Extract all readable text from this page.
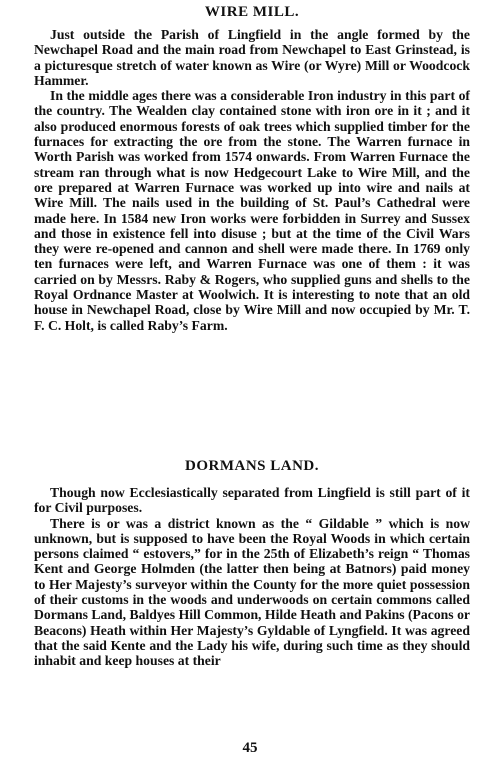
WIRE MILL.

Just outside the Parish of Lingfield in the angle formed by the Newchapel Road and the main road from Newchapel to East Grinstead, is a picturesque stretch of water known as Wire (or Wyre) Mill or Woodcock Hammer.

In the middle ages there was a considerable Iron industry in this part of the country. The Wealden clay contained stone with iron ore in it ; and it also produced enormous forests of oak trees which supplied timber for the furnaces for extracting the ore from the stone. The Warren furnace in Worth Parish was worked from 1574 onwards. From Warren Furnace the stream ran through what is now Hedgecourt Lake to Wire Mill, and the ore prepared at Warren Furnace was worked up into wire and nails at Wire Mill. The nails used in the building of St. Paul’s Cathedral were made here. In 1584 new Iron works were forbidden in Surrey and Sussex and those in existence fell into disuse ; but at the time of the Civil Wars they were re-opened and cannon and shell were made there. In 1769 only ten furnaces were left, and Warren Furnace was one of them : it was carried on by Messrs. Raby & Rogers, who supplied guns and shells to the Royal Ordnance Master at Woolwich. It is interesting to note that an old house in Newchapel Road, close by Wire Mill and now occupied by Mr. T. F. C. Holt, is called Raby’s Farm.

DORMANS LAND.

Though now Ecclesiastically separated from Lingfield is still part of it for Civil purposes.

There is or was a district known as the “ Gildable ” which is now unknown, but is supposed to have been the Royal Woods in which certain persons claimed “ estovers,” for in the 25th of Elizabeth’s reign “ Thomas Kent and George Holmden (the latter then being at Batnors) paid money to Her Majesty’s surveyor within the County for the more quiet possession of their customs in the woods and underwoods on certain commons called Dormans Land, Baldyes Hill Common, Hilde Heath and Pakins (Pacons or Beacons) Heath within Her Majesty’s Gyldable of Lyngfield. It was agreed that the said Kente and the Lady his wife, during such time as they should inhabit and keep houses at their

45
